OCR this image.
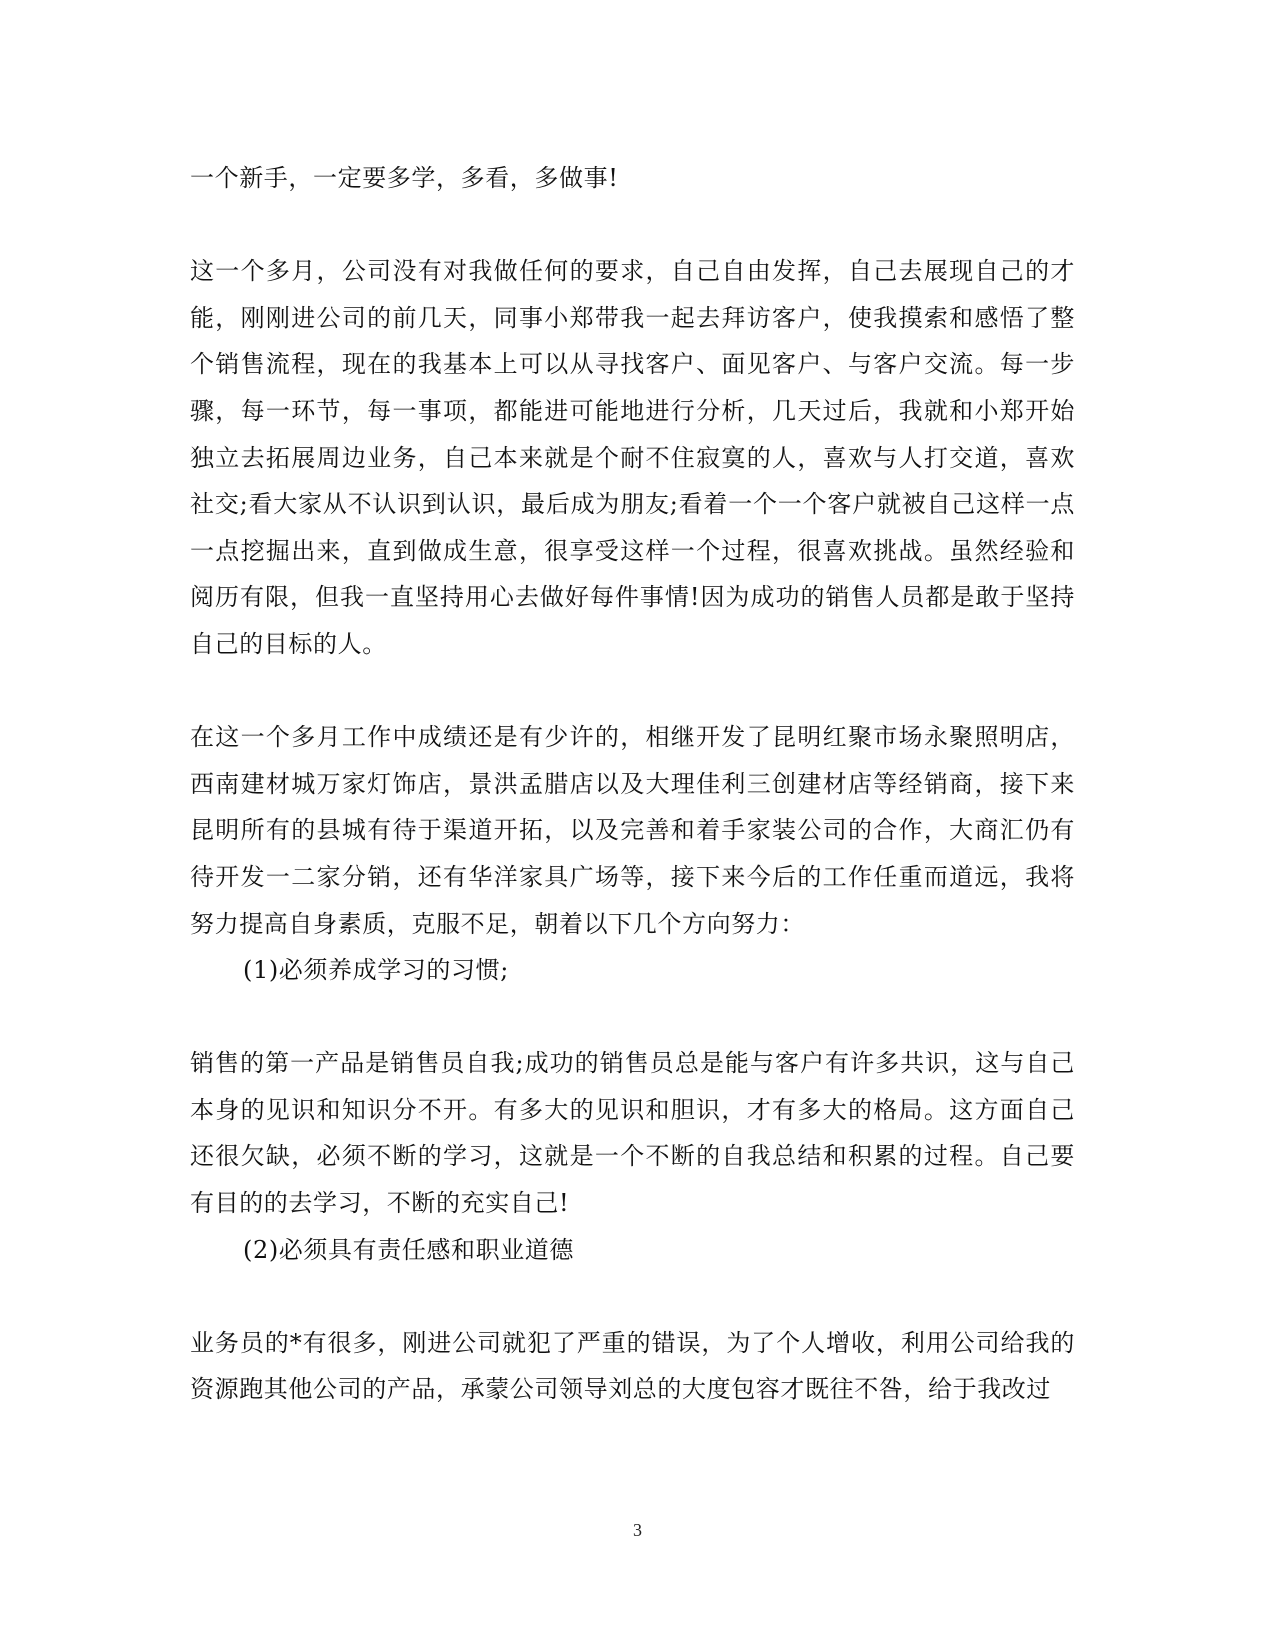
一个新手，一定要多学，多看，多做事!

这一个多月，公司没有对我做任何的要求，自己自由发挥，自己去展现自己的才能，刚刚进公司的前几天，同事小郑带我一起去拜访客户，使我摸索和感悟了整个销售流程，现在的我基本上可以从寻找客户、面见客户、与客户交流。每一步骤，每一环节，每一事项，都能进可能地进行分析，几天过后，我就和小郑开始独立去拓展周边业务，自己本来就是个耐不住寂寞的人，喜欢与人打交道，喜欢社交;看大家从不认识到认识，最后成为朋友;看着一个一个客户就被自己这样一点一点挖掘出来，直到做成生意，很享受这样一个过程，很喜欢挑战。虽然经验和阅历有限，但我一直坚持用心去做好每件事情!因为成功的销售人员都是敢于坚持自己的目标的人。

在这一个多月工作中成绩还是有少许的，相继开发了昆明红聚市场永聚照明店，西南建材城万家灯饰店，景洪孟腊店以及大理佳利三创建材店等经销商，接下来昆明所有的县城有待于渠道开拓，以及完善和着手家装公司的合作，大商汇仍有待开发一二家分销，还有华洋家具广场等，接下来今后的工作任重而道远，我将努力提高自身素质，克服不足，朝着以下几个方向努力：

(1)必须养成学习的习惯;

销售的第一产品是销售员自我;成功的销售员总是能与客户有许多共识，这与自己本身的见识和知识分不开。有多大的见识和胆识，才有多大的格局。这方面自己还很欠缺，必须不断的学习，这就是一个不断的自我总结和积累的过程。自己要有目的的去学习，不断的充实自己!

(2)必须具有责任感和职业道德

业务员的*有很多，刚进公司就犯了严重的错误，为了个人增收，利用公司给我的资源跑其他公司的产品，承蒙公司领导刘总的大度包容才既往不咎，给于我改过

3
